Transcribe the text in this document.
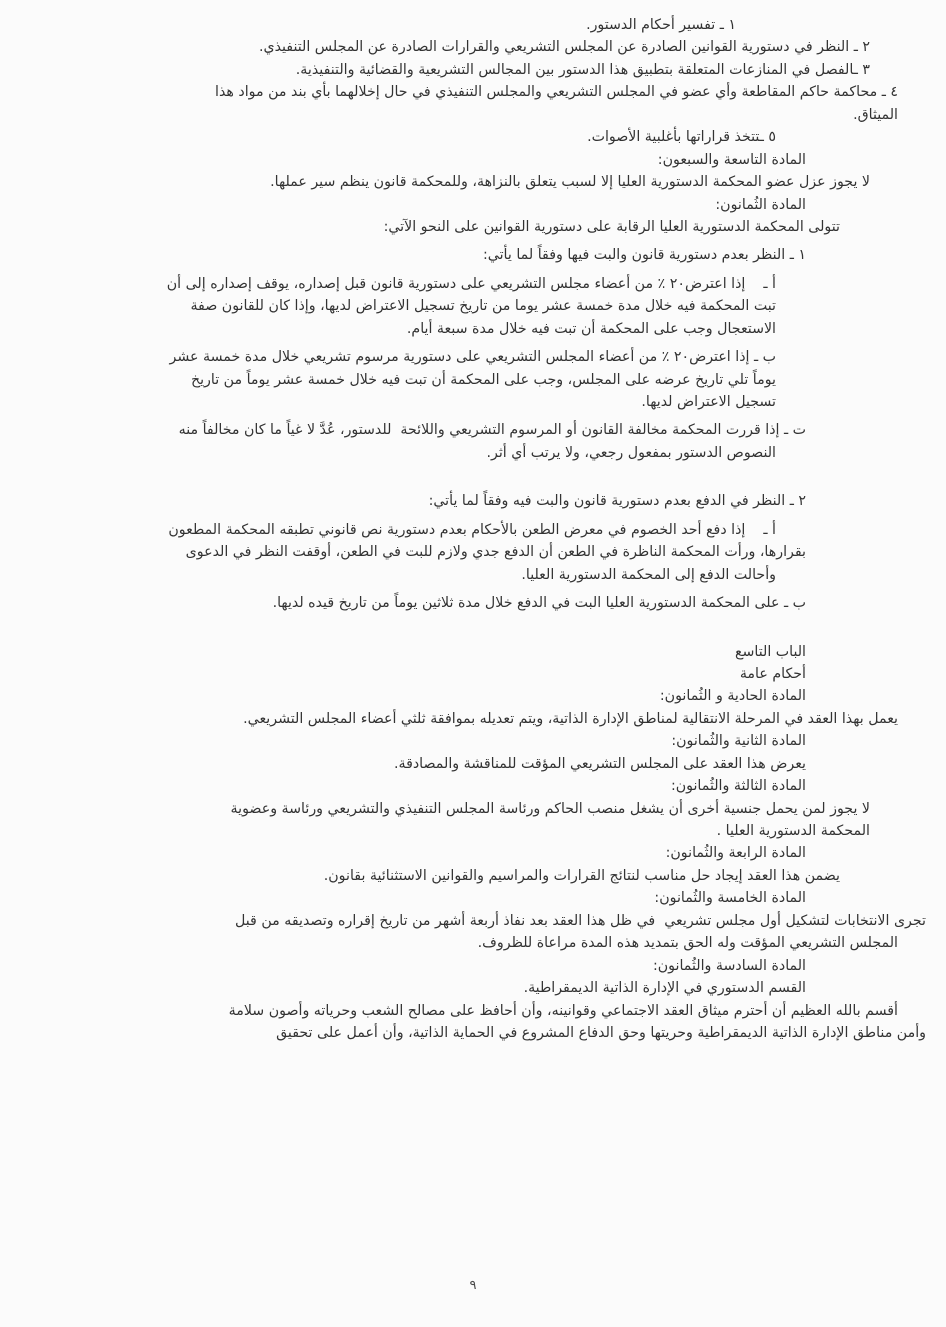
١ ـ تفسير أحكام الدستور.

٢ ـ النظر في دستورية القوانين الصادرة عن المجلس التشريعي والقرارات الصادرة عن المجلس التنفيذي.

٣ ـالفصل في المنازعات المتعلقة بتطبيق هذا الدستور بين المجالس التشريعية والقضائية والتنفيذية.

٤ ـ محاكمة حاكم المقاطعة وأي عضو في المجلس التشريعي والمجلس التنفيذي في حال إخلالهما بأي بند من مواد هذا

الميثاق.

٥ ـتتخذ قراراتها بأغلبية الأصوات.

المادة التاسعة والسبعون:

لا يجوز عزل عضو المحكمة الدستورية العليا إلا لسبب يتعلق بالنزاهة، وللمحكمة قانون ينظم سير عملها.

المادة الثُمانون:

تتولى المحكمة الدستورية العليا الرقابة على دستورية القوانين على النحو الآتي:

١ ـ النظر بعدم دستورية قانون والبت فيها وفقاً لما يأتي:

أ ـ    إذا اعترض٢٠ ٪ من أعضاء مجلس التشريعي على دستورية قانون قبل إصداره، يوقف إصداره إلى أن

تبت المحكمة فيه خلال مدة خمسة عشر يوما من تاريخ تسجيل الاعتراض لديها، وإذا كان للقانون صفة

الاستعجال وجب على المحكمة أن تبت فيه خلال مدة سبعة أيام.

ب ـ إذا اعترض٢٠ ٪ من أعضاء المجلس التشريعي على دستورية مرسوم تشريعي خلال مدة خمسة عشر

يوماً تلي تاريخ عرضه على المجلس، وجب على المحكمة أن تبت فيه خلال خمسة عشر يوماً من تاريخ

تسجيل الاعتراض لديها.

ت ـ إذا قررت المحكمة مخالفة القانون أو المرسوم التشريعي واللائحة  للدستور، عُدَّ لا غياً ما كان مخالفاً منه

النصوص الدستور بمفعول رجعي، ولا يرتب أي أثر.

٢ ـ النظر في الدفع بعدم دستورية قانون والبت فيه وفقاً لما يأتي:

أ ـ    إذا دفع أحد الخصوم في معرض الطعن بالأحكام بعدم دستورية نص قانوني تطبقه المحكمة المطعون

بقرارها، ورأت المحكمة الناظرة في الطعن أن الدفع جدي ولازم للبت في الطعن، أوقفت النظر في الدعوى

وأحالت الدفع إلى المحكمة الدستورية العليا.

ب ـ على المحكمة الدستورية العليا البت في الدفع خلال مدة ثلاثين يوماً من تاريخ قيده لديها.

الباب التاسع

أحكام عامة

المادة الحادية و الثُمانون:

يعمل بهذا العقد في المرحلة الانتقالية لمناطق الإدارة الذاتية، ويتم تعديله بموافقة ثلثي أعضاء المجلس التشريعي.

المادة الثانية والثُمانون:

يعرض هذا العقد على المجلس التشريعي المؤقت للمناقشة والمصادقة.

المادة الثالثة والثُمانون:

لا يجوز لمن يحمل جنسية أخرى أن يشغل منصب الحاكم ورئاسة المجلس التنفيذي والتشريعي ورئاسة وعضوية

المحكمة الدستورية العليا .

المادة الرابعة والثُمانون:

يضمن هذا العقد إيجاد حل مناسب لنتائج القرارات والمراسيم والقوانين الاستثنائية بقانون.

المادة الخامسة والثُمانون:

تجرى الانتخابات لتشكيل أول مجلس تشريعي  في ظل هذا العقد بعد نفاذ أربعة أشهر من تاريخ إقراره وتصديقه من قبل

المجلس التشريعي المؤقت وله الحق بتمديد هذه المدة مراعاة للظروف.

المادة السادسة والثُمانون:

القسم الدستوري في الإدارة الذاتية الديمقراطية.

أقسم بالله العظيم أن أحترم ميثاق العقد الاجتماعي وقوانينه، وأن أحافظ على مصالح الشعب وحرياته وأصون سلامة

وأمن مناطق الإدارة الذاتية الديمقراطية وحريتها وحق الدفاع المشروع في الحماية الذاتية، وأن أعمل على تحقيق

٩
